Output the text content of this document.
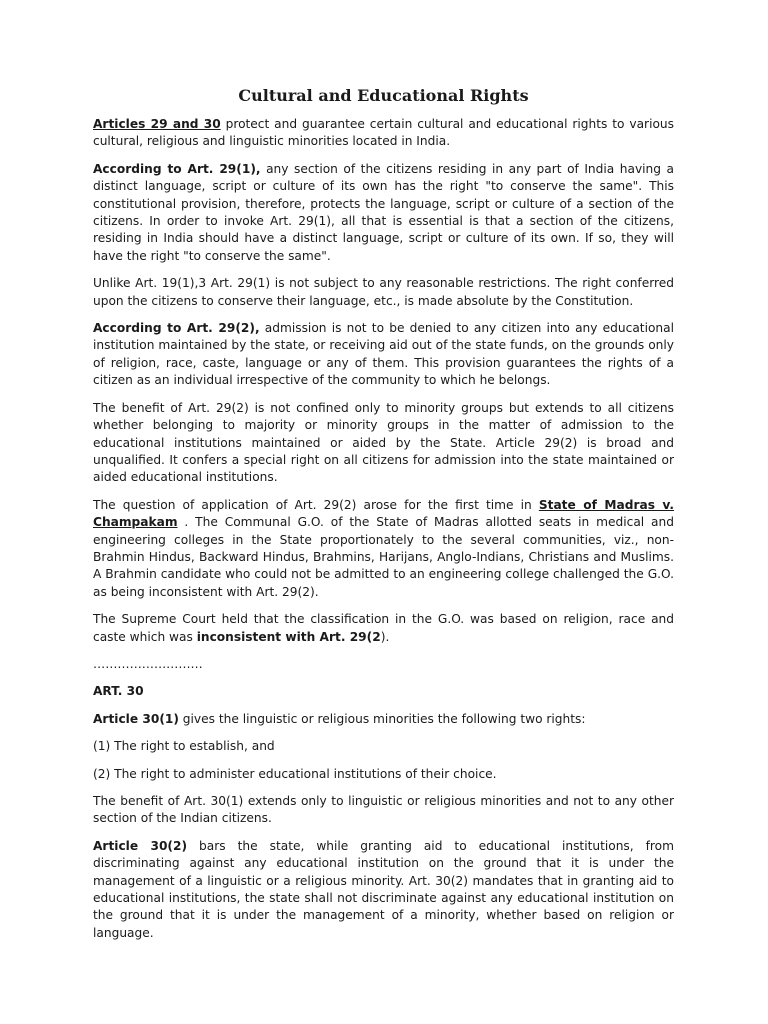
Cultural and Educational Rights

Articles 29 and 30 protect and guarantee certain cultural and educational rights to various cultural, religious and linguistic minorities located in India.

According to Art. 29(1), any section of the citizens residing in any part of India having a distinct language, script or culture of its own has the right "to conserve the same". This constitutional provision, therefore, protects the language, script or culture of a section of the citizens. In order to invoke Art. 29(1), all that is essential is that a section of the citizens, residing in India should have a distinct language, script or culture of its own. If so, they will have the right "to conserve the same".

Unlike Art. 19(1),3 Art. 29(1) is not subject to any reasonable restrictions. The right conferred upon the citizens to conserve their language, etc., is made absolute by the Constitution.

According to Art. 29(2), admission is not to be denied to any citizen into any educational institution maintained by the state, or receiving aid out of the state funds, on the grounds only of religion, race, caste, language or any of them. This provision guarantees the rights of a citizen as an individual irrespective of the community to which he belongs.

The benefit of Art. 29(2) is not confined only to minority groups but extends to all citizens whether belonging to majority or minority groups in the matter of admission to the educational institutions maintained or aided by the State. Article 29(2) is broad and unqualified. It confers a special right on all citizens for admission into the state maintained or aided educational institutions.

The question of application of Art. 29(2) arose for the first time in State of Madras v. Champakam . The Communal G.O. of the State of Madras allotted seats in medical and engineering colleges in the State proportionately to the several communities, viz., non-Brahmin Hindus, Backward Hindus, Brahmins, Harijans, Anglo-Indians, Christians and Muslims. A Brahmin candidate who could not be admitted to an engineering college challenged the G.O. as being inconsistent with Art. 29(2).

The Supreme Court held that the classification in the G.O. was based on religion, race and caste which was inconsistent with Art. 29(2).

………………………

ART. 30

Article 30(1) gives the linguistic or religious minorities the following two rights:

(1) The right to establish, and

(2) The right to administer educational institutions of their choice.

The benefit of Art. 30(1) extends only to linguistic or religious minorities and not to any other section of the Indian citizens.

Article 30(2) bars the state, while granting aid to educational institutions, from discriminating against any educational institution on the ground that it is under the management of a linguistic or a religious minority. Art. 30(2) mandates that in granting aid to educational institutions, the state shall not discriminate against any educational institution on the ground that it is under the management of a minority, whether based on religion or language.
